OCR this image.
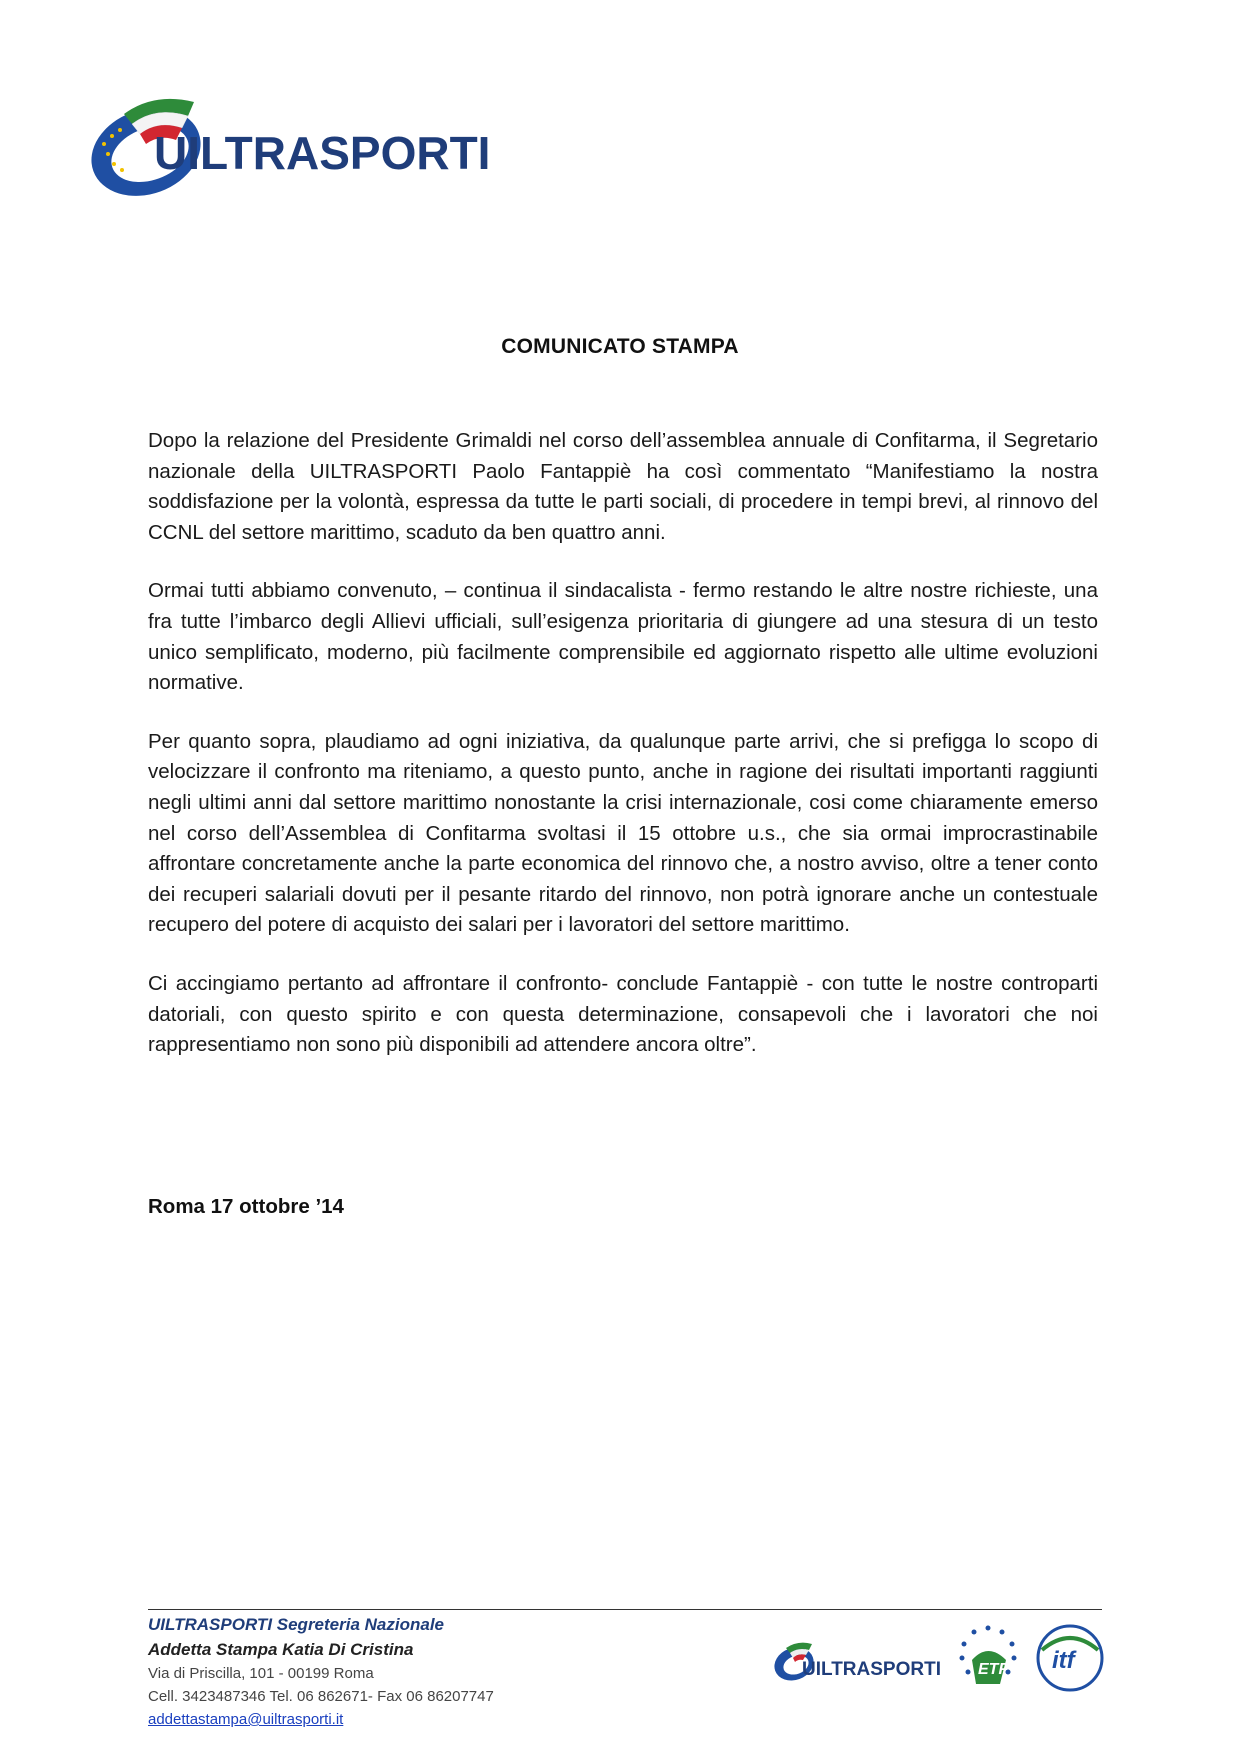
UILTRASPORTI
COMUNICATO STAMPA

Dopo la relazione del Presidente Grimaldi nel corso dell’assemblea annuale di Confitarma, il Segretario nazionale della UILTRASPORTI Paolo Fantappiè ha così commentato “Manifestiamo la nostra soddisfazione per la volontà, espressa da tutte le parti sociali, di procedere in tempi brevi, al rinnovo del CCNL del settore marittimo, scaduto da ben quattro anni.

Ormai tutti abbiamo convenuto, – continua il sindacalista - fermo restando le altre nostre richieste, una fra tutte l’imbarco degli Allievi ufficiali, sull’esigenza prioritaria di giungere ad una stesura di un testo unico semplificato, moderno, più facilmente comprensibile ed aggiornato rispetto alle ultime evoluzioni normative.

Per quanto sopra, plaudiamo ad ogni iniziativa, da qualunque parte arrivi, che si prefigga lo scopo di velocizzare il confronto ma riteniamo, a questo punto, anche in ragione dei risultati importanti raggiunti negli ultimi anni dal settore marittimo nonostante la crisi internazionale, cosi come chiaramente emerso nel corso dell’Assemblea di Confitarma svoltasi il 15 ottobre u.s., che sia ormai improcrastinabile affrontare concretamente anche la parte economica del rinnovo che, a nostro avviso, oltre a tener conto dei recuperi salariali dovuti per il pesante ritardo del rinnovo, non potrà ignorare anche un contestuale recupero del potere di acquisto dei salari per i lavoratori del settore marittimo.

Ci accingiamo pertanto ad affrontare il confronto- conclude Fantappiè - con tutte le nostre controparti datoriali, con questo spirito e con questa determinazione, consapevoli che i lavoratori che noi rappresentiamo non sono più disponibili ad attendere ancora oltre”.

Roma 17 ottobre ’14
UILTRASPORTI Segreteria Nazionale
Addetta Stampa Katia Di Cristina
Via di Priscilla, 101 - 00199 Roma
Cell. 3423487346 Tel. 06 862671- Fax 06 86207747
addettastampa@uiltrasporti.it
UILTRASPORTI ETF itf
